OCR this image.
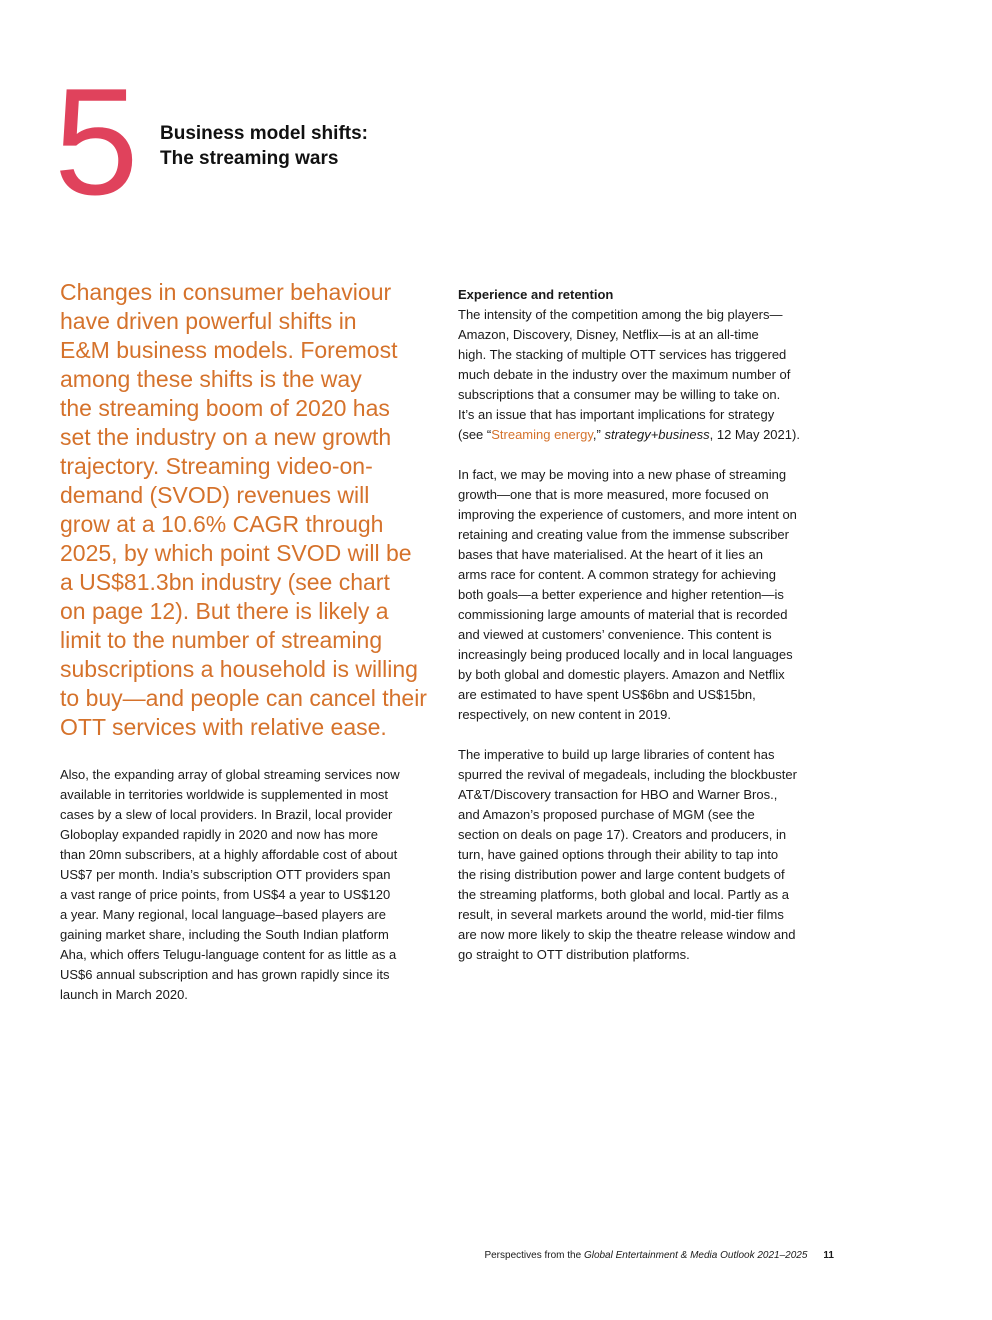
5 Business model shifts:
The streaming wars
Changes in consumer behaviour
have driven powerful shifts in
E&M business models. Foremost
among these shifts is the way
the streaming boom of 2020 has
set the industry on a new growth
trajectory. Streaming video-on-
demand (SVOD) revenues will
grow at a 10.6% CAGR through
2025, by which point SVOD will be
a US$81.3bn industry (see chart
on page 12). But there is likely a
limit to the number of streaming
subscriptions a household is willing
to buy—and people can cancel their
OTT services with relative ease.
Also, the expanding array of global streaming services now
available in territories worldwide is supplemented in most
cases by a slew of local providers. In Brazil, local provider
Globoplay expanded rapidly in 2020 and now has more
than 20mn subscribers, at a highly affordable cost of about
US$7 per month. India’s subscription OTT providers span
a vast range of price points, from US$4 a year to US$120
a year. Many regional, local language–based players are
gaining market share, including the South Indian platform
Aha, which offers Telugu-language content for as little as a
US$6 annual subscription and has grown rapidly since its
launch in March 2020.
Experience and retention
The intensity of the competition among the big players—
Amazon, Discovery, Disney, Netflix—is at an all-time
high. The stacking of multiple OTT services has triggered
much debate in the industry over the maximum number of
subscriptions that a consumer may be willing to take on.
It’s an issue that has important implications for strategy
(see “Streaming energy,” strategy+business, 12 May 2021).
In fact, we may be moving into a new phase of streaming
growth—one that is more measured, more focused on
improving the experience of customers, and more intent on
retaining and creating value from the immense subscriber
bases that have materialised. At the heart of it lies an
arms race for content. A common strategy for achieving
both goals—a better experience and higher retention—is
commissioning large amounts of material that is recorded
and viewed at customers’ convenience. This content is
increasingly being produced locally and in local languages
by both global and domestic players. Amazon and Netflix
are estimated to have spent US$6bn and US$15bn,
respectively, on new content in 2019.
The imperative to build up large libraries of content has
spurred the revival of megadeals, including the blockbuster
AT&T/Discovery transaction for HBO and Warner Bros.,
and Amazon’s proposed purchase of MGM (see the
section on deals on page 17). Creators and producers, in
turn, have gained options through their ability to tap into
the rising distribution power and large content budgets of
the streaming platforms, both global and local. Partly as a
result, in several markets around the world, mid-tier films
are now more likely to skip the theatre release window and
go straight to OTT distribution platforms.
Perspectives from the Global Entertainment & Media Outlook 2021–2025 11
